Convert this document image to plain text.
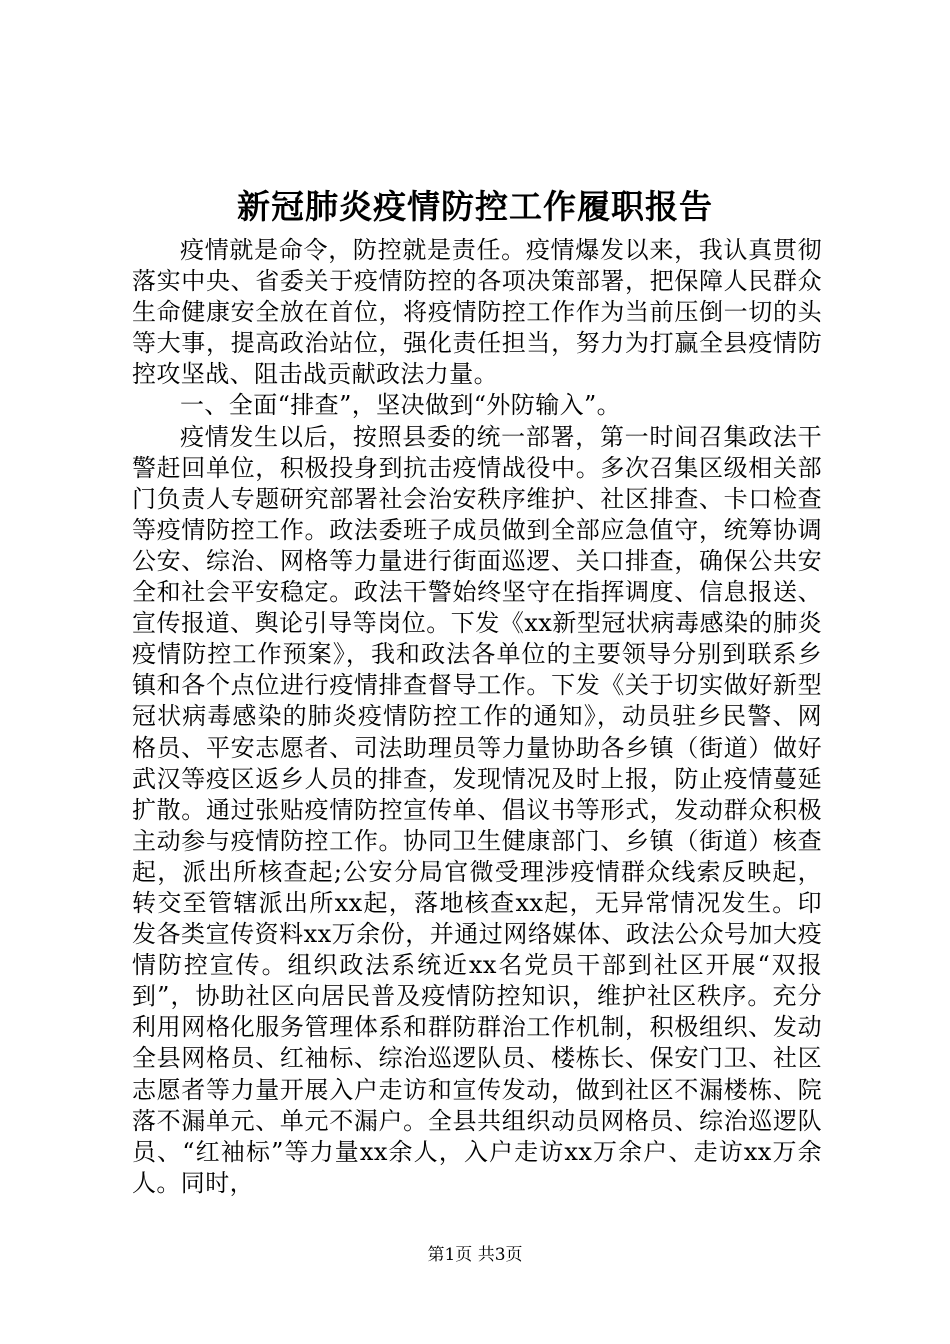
新冠肺炎疫情防控工作履职报告

疫情就是命令，防控就是责任。疫情爆发以来，我认真贯彻落实中央、省委关于疫情防控的各项决策部署，把保障人民群众生命健康安全放在首位，将疫情防控工作作为当前压倒一切的头等大事，提高政治站位，强化责任担当，努力为打赢全县疫情防控攻坚战、阻击战贡献政法力量。

一、全面“排查”，坚决做到“外防输入”。

疫情发生以后，按照县委的统一部署，第一时间召集政法干警赶回单位，积极投身到抗击疫情战役中。多次召集区级相关部门负责人专题研究部署社会治安秩序维护、社区排查、卡口检查等疫情防控工作。政法委班子成员做到全部应急值守，统筹协调公安、综治、网格等力量进行街面巡逻、关口排查，确保公共安全和社会平安稳定。政法干警始终坚守在指挥调度、信息报送、宣传报道、舆论引导等岗位。下发《xx新型冠状病毒感染的肺炎疫情防控工作预案》，我和政法各单位的主要领导分别到联系乡镇和各个点位进行疫情排查督导工作。下发《关于切实做好新型冠状病毒感染的肺炎疫情防控工作的通知》，动员驻乡民警、网格员、平安志愿者、司法助理员等力量协助各乡镇（街道）做好武汉等疫区返乡人员的排查，发现情况及时上报，防止疫情蔓延扩散。通过张贴疫情防控宣传单、倡议书等形式，发动群众积极主动参与疫情防控工作。协同卫生健康部门、乡镇（街道）核查起，派出所核查起;公安分局官微受理涉疫情群众线索反映起，转交至管辖派出所xx起，落地核查xx起，无异常情况发生。印发各类宣传资料xx万余份，并通过网络媒体、政法公众号加大疫情防控宣传。组织政法系统近xx名党员干部到社区开展“双报到”，协助社区向居民普及疫情防控知识，维护社区秩序。充分利用网格化服务管理体系和群防群治工作机制，积极组织、发动全县网格员、红袖标、综治巡逻队员、楼栋长、保安门卫、社区志愿者等力量开展入户走访和宣传发动，做到社区不漏楼栋、院落不漏单元、单元不漏户。全县共组织动员网格员、综治巡逻队员、“红袖标”等力量xx余人，入户走访xx万余户、走访xx万余人。同时，

第1页 共3页
